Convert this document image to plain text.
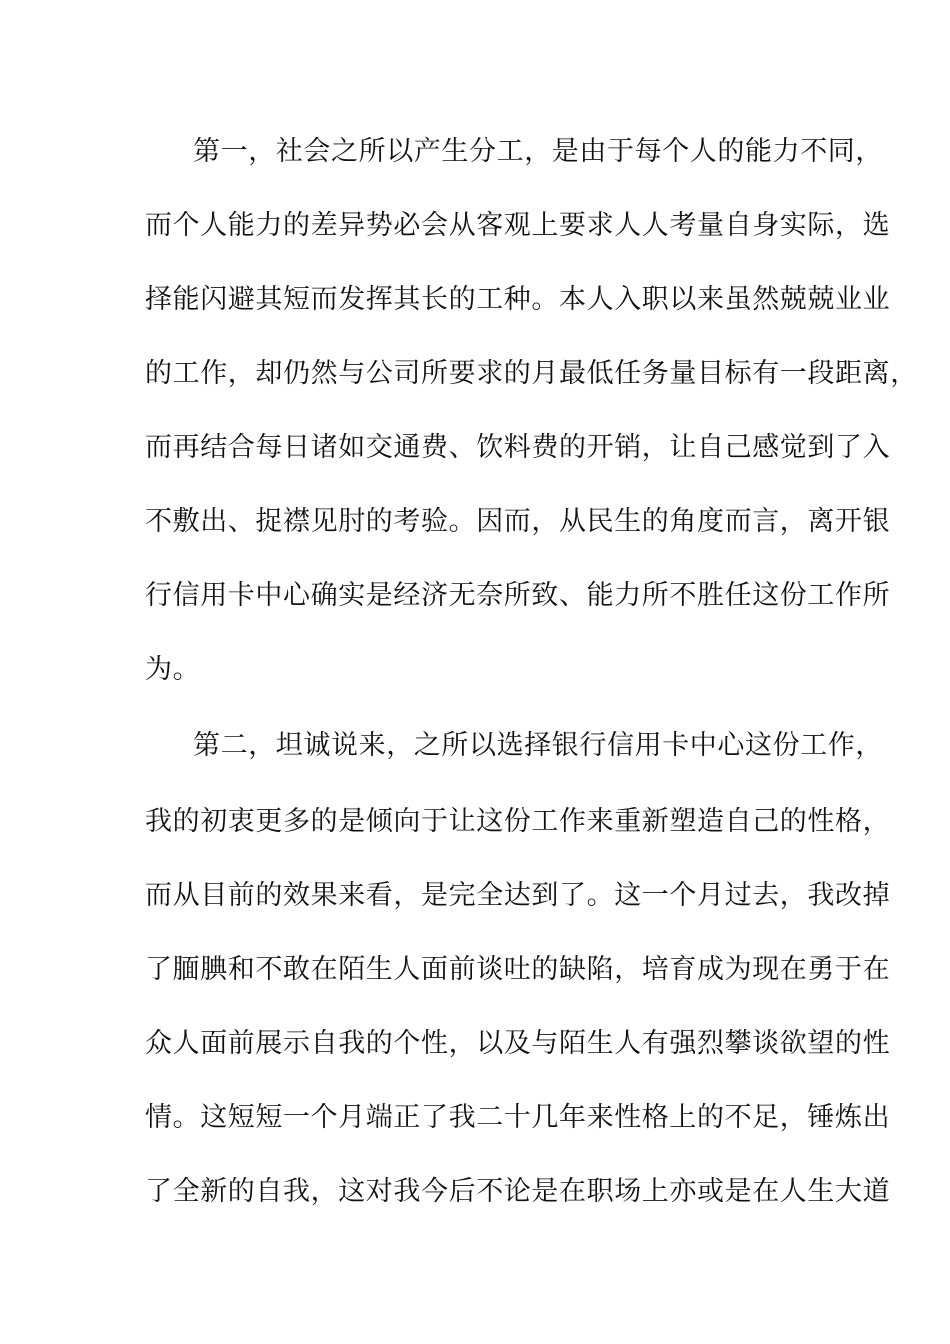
第一，社会之所以产生分工，是由于每个人的能力不同，
而个人能力的差异势必会从客观上要求人人考量自身实际，选
择能闪避其短而发挥其长的工种。本人入职以来虽然兢兢业业
的工作，却仍然与公司所要求的月最低任务量目标有一段距离，
而再结合每日诸如交通费、饮料费的开销，让自己感觉到了入
不敷出、捉襟见肘的考验。因而，从民生的角度而言，离开银
行信用卡中心确实是经济无奈所致、能力所不胜任这份工作所
为。
第二，坦诚说来，之所以选择银行信用卡中心这份工作，
我的初衷更多的是倾向于让这份工作来重新塑造自己的性格，
而从目前的效果来看，是完全达到了。这一个月过去，我改掉
了腼腆和不敢在陌生人面前谈吐的缺陷，培育成为现在勇于在
众人面前展示自我的个性，以及与陌生人有强烈攀谈欲望的性
情。这短短一个月端正了我二十几年来性格上的不足，锤炼出
了全新的自我，这对我今后不论是在职场上亦或是在人生大道
